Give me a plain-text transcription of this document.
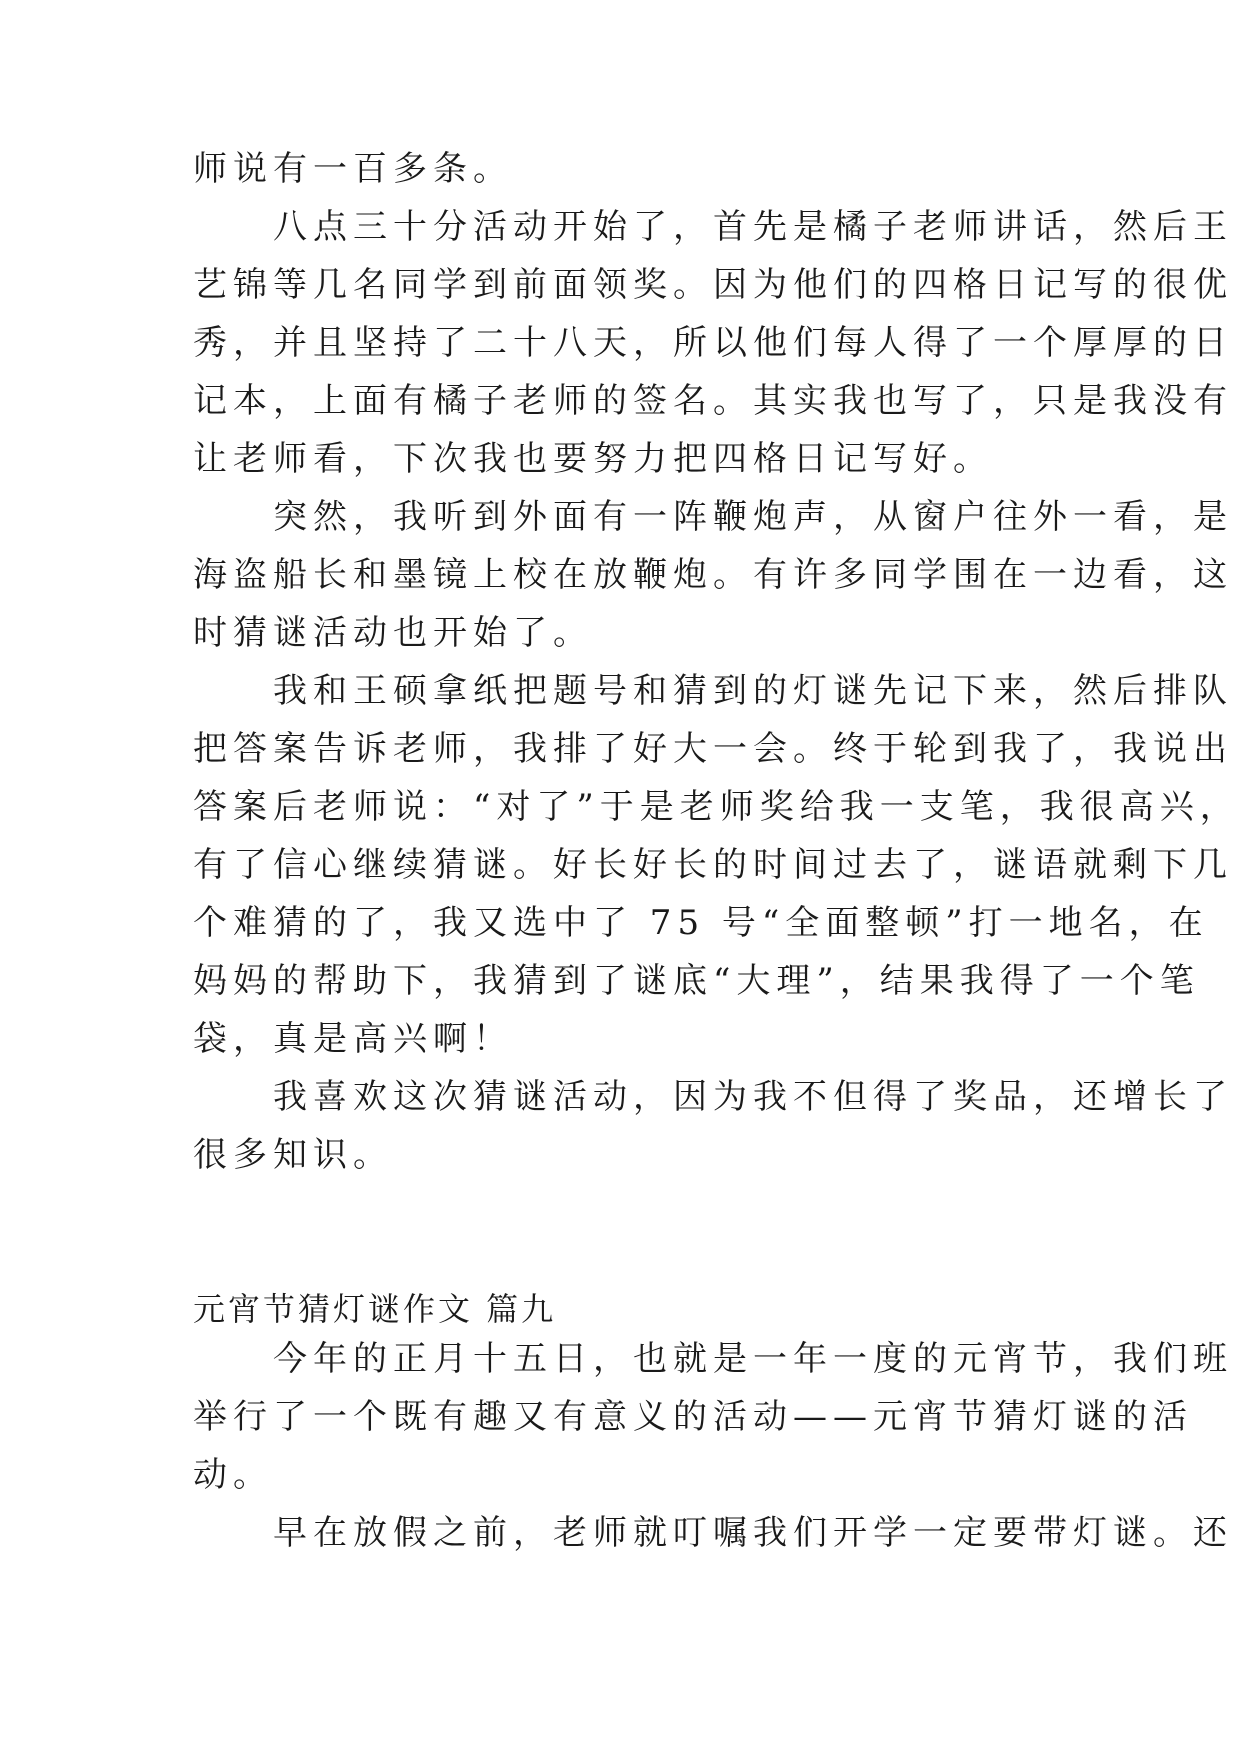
师说有一百多条。
　　八点三十分活动开始了，首先是橘子老师讲话，然后王
艺锦等几名同学到前面领奖。因为他们的四格日记写的很优
秀，并且坚持了二十八天，所以他们每人得了一个厚厚的日
记本，上面有橘子老师的签名。其实我也写了，只是我没有
让老师看，下次我也要努力把四格日记写好。
　　突然，我听到外面有一阵鞭炮声，从窗户往外一看，是
海盗船长和墨镜上校在放鞭炮。有许多同学围在一边看，这
时猜谜活动也开始了。
　　我和王硕拿纸把题号和猜到的灯谜先记下来，然后排队
把答案告诉老师，我排了好大一会。终于轮到我了，我说出
答案后老师说：“对了”于是老师奖给我一支笔，我很高兴，
有了信心继续猜谜。好长好长的时间过去了，谜语就剩下几
个难猜的了，我又选中了 75 号“全面整顿”打一地名，在
妈妈的帮助下，我猜到了谜底“大理”，结果我得了一个笔
袋，真是高兴啊！
　　我喜欢这次猜谜活动，因为我不但得了奖品，还增长了
很多知识。
元宵节猜灯谜作文 篇九
　　今年的正月十五日，也就是一年一度的元宵节，我们班
举行了一个既有趣又有意义的活动——元宵节猜灯谜的活
动。
　　早在放假之前，老师就叮嘱我们开学一定要带灯谜。还
